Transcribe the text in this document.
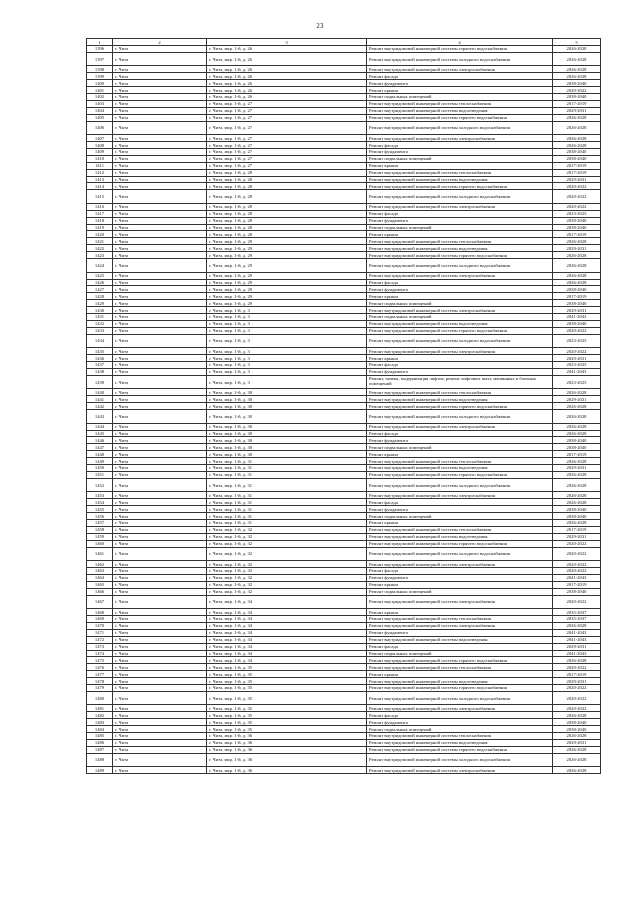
23
1	2	3	4	5
1396	г. Чита	г. Чита, мкр. 1-й, д. 26	Ремонт внутридомовой инженерной системы горячего водоснабжения	2026-2028
1397	г. Чита	г. Чита, мкр. 1-й, д. 26	Ремонт внутридомовой инженерной системы холодного водоснабжения	2026-2028
1398	г. Чита	г. Чита, мкр. 1-й, д. 26	Ремонт внутридомовой инженерной системы электроснабжения	2026-2028
1399	г. Чита	г. Чита, мкр. 1-й, д. 26	Ремонт фасада	2026-2028
1400	г. Чита	г. Чита, мкр. 1-й, д. 26	Ремонт фундамента	2038-2040
1401	г. Чита	г. Чита, мкр. 1-й, д. 26	Ремонт крыши	2020-2022
1402	г. Чита	г. Чита, мкр. 1-й, д. 26	Ремонт подвальных помещений	2038-2040
1403	г. Чита	г. Чита, мкр. 1-й, д. 27	Ремонт внутридомовой инженерной системы теплоснабжения	2017-2019
1404	г. Чита	г. Чита, мкр. 1-й, д. 27	Ремонт внутридомовой инженерной системы водоотведения	2029-2031
1405	г. Чита	г. Чита, мкр. 1-й, д. 27	Ремонт внутридомовой инженерной системы горячего водоснабжения	2026-2028
1406	г. Чита	г. Чита, мкр. 1-й, д. 27	Ремонт внутридомовой инженерной системы холодного водоснабжения	2026-2028
1407	г. Чита	г. Чита, мкр. 1-й, д. 27	Ремонт внутридомовой инженерной системы электроснабжения	2026-2028
1408	г. Чита	г. Чита, мкр. 1-й, д. 27	Ремонт фасада	2026-2028
1409	г. Чита	г. Чита, мкр. 1-й, д. 27	Ремонт фундамента	2038-2040
1410	г. Чита	г. Чита, мкр. 1-й, д. 27	Ремонт подвальных помещений	2038-2040
1411	г. Чита	г. Чита, мкр. 1-й, д. 27	Ремонт крыши	2017-2019
1412	г. Чита	г. Чита, мкр. 1-й, д. 28	Ремонт внутридомовой инженерной системы теплоснабжения	2017-2019
1413	г. Чита	г. Чита, мкр. 1-й, д. 28	Ремонт внутридомовой инженерной системы водоотведения	2029-2031
1414	г. Чита	г. Чита, мкр. 1-й, д. 28	Ремонт внутридомовой инженерной системы горячего водоснабжения	2020-2022
1415	г. Чита	г. Чита, мкр. 1-й, д. 28	Ремонт внутридомовой инженерной системы холодного водоснабжения	2020-2022
1416	г. Чита	г. Чита, мкр. 1-й, д. 28	Ремонт внутридомовой инженерной системы электроснабжения	2020-2022
1417	г. Чита	г. Чита, мкр. 1-й, д. 28	Ремонт фасада	2023-2025
1418	г. Чита	г. Чита, мкр. 1-й, д. 28	Ремонт фундамента	2038-2040
1419	г. Чита	г. Чита, мкр. 1-й, д. 28	Ремонт подвальных помещений	2038-2040
1420	г. Чита	г. Чита, мкр. 1-й, д. 28	Ремонт крыши	2017-2019
1421	г. Чита	г. Чита, мкр. 1-й, д. 29	Ремонт внутридомовой инженерной системы теплоснабжения	2026-2028
1422	г. Чита	г. Чита, мкр. 1-й, д. 29	Ремонт внутридомовой инженерной системы водоотведения	2029-2031
1423	г. Чита	г. Чита, мкр. 1-й, д. 29	Ремонт внутридомовой инженерной системы горячего водоснабжения	2026-2028
1424	г. Чита	г. Чита, мкр. 1-й, д. 29	Ремонт внутридомовой инженерной системы холодного водоснабжения	2026-2028
1425	г. Чита	г. Чита, мкр. 1-й, д. 29	Ремонт внутридомовой инженерной системы электроснабжения	2026-2028
1426	г. Чита	г. Чита, мкр. 1-й, д. 29	Ремонт фасада	2026-2028
1427	г. Чита	г. Чита, мкр. 1-й, д. 29	Ремонт фундамента	2038-2040
1428	г. Чита	г. Чита, мкр. 1-й, д. 29	Ремонт крыши	2017-2019
1429	г. Чита	г. Чита, мкр. 1-й, д. 29	Ремонт подвальных помещений	2038-2040
1430	г. Чита	г. Чита, мкр. 1-й, д. 3	Ремонт внутридомовой инженерной системы электроснабжения	2029-2031
1431	г. Чита	г. Чита, мкр. 1-й, д. 3	Ремонт подвальных помещений	2041-2043
1432	г. Чита	г. Чита, мкр. 1-й, д. 3	Ремонт внутридомовой инженерной системы водоотведения	2038-2040
1433	г. Чита	г. Чита, мкр. 1-й, д. 3	Ремонт внутридомовой инженерной системы горячего водоснабжения	2020-2022
1434	г. Чита	г. Чита, мкр. 1-й, д. 3	Ремонт внутридомовой инженерной системы холодного водоснабжения	2023-2025
1435	г. Чита	г. Чита, мкр. 1-й, д. 3	Ремонт внутридомовой инженерной системы электроснабжения	2020-2022
1436	г. Чита	г. Чита, мкр. 1-й, д. 3	Ремонт крыши	2029-2031
1437	г. Чита	г. Чита, мкр. 1-й, д. 3	Ремонт фасада	2023-2025
1438	г. Чита	г. Чита, мкр. 1-й, д. 3	Ремонт фундамента	2041-2043
1439	г. Чита	г. Чита, мкр. 1-й, д. 3	Ремонт, замена, модернизация лифтов, ремонт лифтовых шахт, машинных и блочных помещений	2023-2025
1440	г. Чита	г. Чита, мкр. 1-й, д. 30	Ремонт внутридомовой инженерной системы теплоснабжения	2026-2028
1441	г. Чита	г. Чита, мкр. 1-й, д. 30	Ремонт внутридомовой инженерной системы водоотведения	2029-2031
1442	г. Чита	г. Чита, мкр. 1-й, д. 30	Ремонт внутридомовой инженерной системы горячего водоснабжения	2026-2028
1443	г. Чита	г. Чита, мкр. 1-й, д. 30	Ремонт внутридомовой инженерной системы холодного водоснабжения	2026-2028
1444	г. Чита	г. Чита, мкр. 1-й, д. 30	Ремонт внутридомовой инженерной системы электроснабжения	2026-2028
1445	г. Чита	г. Чита, мкр. 1-й, д. 30	Ремонт фасада	2026-2028
1446	г. Чита	г. Чита, мкр. 1-й, д. 30	Ремонт фундамента	2038-2040
1447	г. Чита	г. Чита, мкр. 1-й, д. 30	Ремонт подвальных помещений	2038-2040
1448	г. Чита	г. Чита, мкр. 1-й, д. 30	Ремонт крыши	2017-2019
1449	г. Чита	г. Чита, мкр. 1-й, д. 31	Ремонт внутридомовой инженерной системы теплоснабжения	2026-2028
1450	г. Чита	г. Чита, мкр. 1-й, д. 31	Ремонт внутридомовой инженерной системы водоотведения	2029-2031
1451	г. Чита	г. Чита, мкр. 1-й, д. 31	Ремонт внутридомовой инженерной системы горячего водоснабжения	2026-2028
1452	г. Чита	г. Чита, мкр. 1-й, д. 31	Ремонт внутридомовой инженерной системы холодного водоснабжения	2026-2028
1453	г. Чита	г. Чита, мкр. 1-й, д. 31	Ремонт внутридомовой инженерной системы электроснабжения	2026-2028
1454	г. Чита	г. Чита, мкр. 1-й, д. 31	Ремонт фасада	2026-2028
1455	г. Чита	г. Чита, мкр. 1-й, д. 31	Ремонт фундамента	2038-2040
1456	г. Чита	г. Чита, мкр. 1-й, д. 31	Ремонт подвальных помещений	2038-2040
1457	г. Чита	г. Чита, мкр. 1-й, д. 31	Ремонт крыши	2026-2028
1458	г. Чита	г. Чита, мкр. 1-й, д. 32	Ремонт внутридомовой инженерной системы теплоснабжения	2017-2019
1459	г. Чита	г. Чита, мкр. 1-й, д. 32	Ремонт внутридомовой инженерной системы водоотведения	2029-2031
1460	г. Чита	г. Чита, мкр. 1-й, д. 32	Ремонт внутридомовой инженерной системы горячего водоснабжения	2020-2022
1461	г. Чита	г. Чита, мкр. 1-й, д. 32	Ремонт внутридомовой инженерной системы холодного водоснабжения	2020-2022
1462	г. Чита	г. Чита, мкр. 1-й, д. 32	Ремонт внутридомовой инженерной системы электроснабжения	2020-2022
1463	г. Чита	г. Чита, мкр. 1-й, д. 32	Ремонт фасада	2020-2022
1464	г. Чита	г. Чита, мкр. 1-й, д. 32	Ремонт фундамента	2041-2043
1465	г. Чита	г. Чита, мкр. 1-й, д. 32	Ремонт крыши	2017-2019
1466	г. Чита	г. Чита, мкр. 1-й, д. 32	Ремонт подвальных помещений	2038-2040
1467	г. Чита	г. Чита, мкр. 1-й, д. 34	Ремонт внутридомовой инженерной системы электроснабжения	2020-2022
1468	г. Чита	г. Чита, мкр. 1-й, д. 34	Ремонт крыши	2035-2037
1469	г. Чита	г. Чита, мкр. 1-й, д. 34	Ремонт внутридомовой инженерной системы теплоснабжения	2035-2037
1470	г. Чита	г. Чита, мкр. 1-й, д. 34	Ремонт внутридомовой инженерной системы электроснабжения	2026-2028
1471	г. Чита	г. Чита, мкр. 1-й, д. 34	Ремонт фундамента	2041-2043
1472	г. Чита	г. Чита, мкр. 1-й, д. 34	Ремонт внутридомовой инженерной системы водоотведения	2041-2043
1473	г. Чита	г. Чита, мкр. 1-й, д. 34	Ремонт фасада	2029-2031
1474	г. Чита	г. Чита, мкр. 1-й, д. 34	Ремонт подвальных помещений	2041-2043
1475	г. Чита	г. Чита, мкр. 1-й, д. 34	Ремонт внутридомовой инженерной системы горячего водоснабжения	2026-2028
1476	г. Чита	г. Чита, мкр. 1-й, д. 35	Ремонт внутридомовой инженерной системы теплоснабжения	2020-2022
1477	г. Чита	г. Чита, мкр. 1-й, д. 35	Ремонт крыши	2017-2019
1478	г. Чита	г. Чита, мкр. 1-й, д. 35	Ремонт внутридомовой инженерной системы водоотведения	2029-2031
1479	г. Чита	г. Чита, мкр. 1-й, д. 35	Ремонт внутридомовой инженерной системы горячего водоснабжения	2020-2022
1480	г. Чита	г. Чита, мкр. 1-й, д. 35	Ремонт внутридомовой инженерной системы холодного водоснабжения	2020-2022
1481	г. Чита	г. Чита, мкр. 1-й, д. 35	Ремонт внутридомовой инженерной системы электроснабжения	2020-2022
1482	г. Чита	г. Чита, мкр. 1-й, д. 35	Ремонт фасада	2026-2028
1483	г. Чита	г. Чита, мкр. 1-й, д. 35	Ремонт фундамента	2038-2040
1484	г. Чита	г. Чита, мкр. 1-й, д. 35	Ремонт подвальных помещений	2038-2040
1485	г. Чита	г. Чита, мкр. 1-й, д. 36	Ремонт внутридомовой инженерной системы теплоснабжения	2026-2028
1486	г. Чита	г. Чита, мкр. 1-й, д. 36	Ремонт внутридомовой инженерной системы водоотведения	2029-2031
1487	г. Чита	г. Чита, мкр. 1-й, д. 36	Ремонт внутридомовой инженерной системы горячего водоснабжения	2026-2028
1488	г. Чита	г. Чита, мкр. 1-й, д. 36	Ремонт внутридомовой инженерной системы холодного водоснабжения	2026-2028
1489	г. Чита	г. Чита, мкр. 1-й, д. 36	Ремонт внутридомовой инженерной системы электроснабжения	2026-2028
